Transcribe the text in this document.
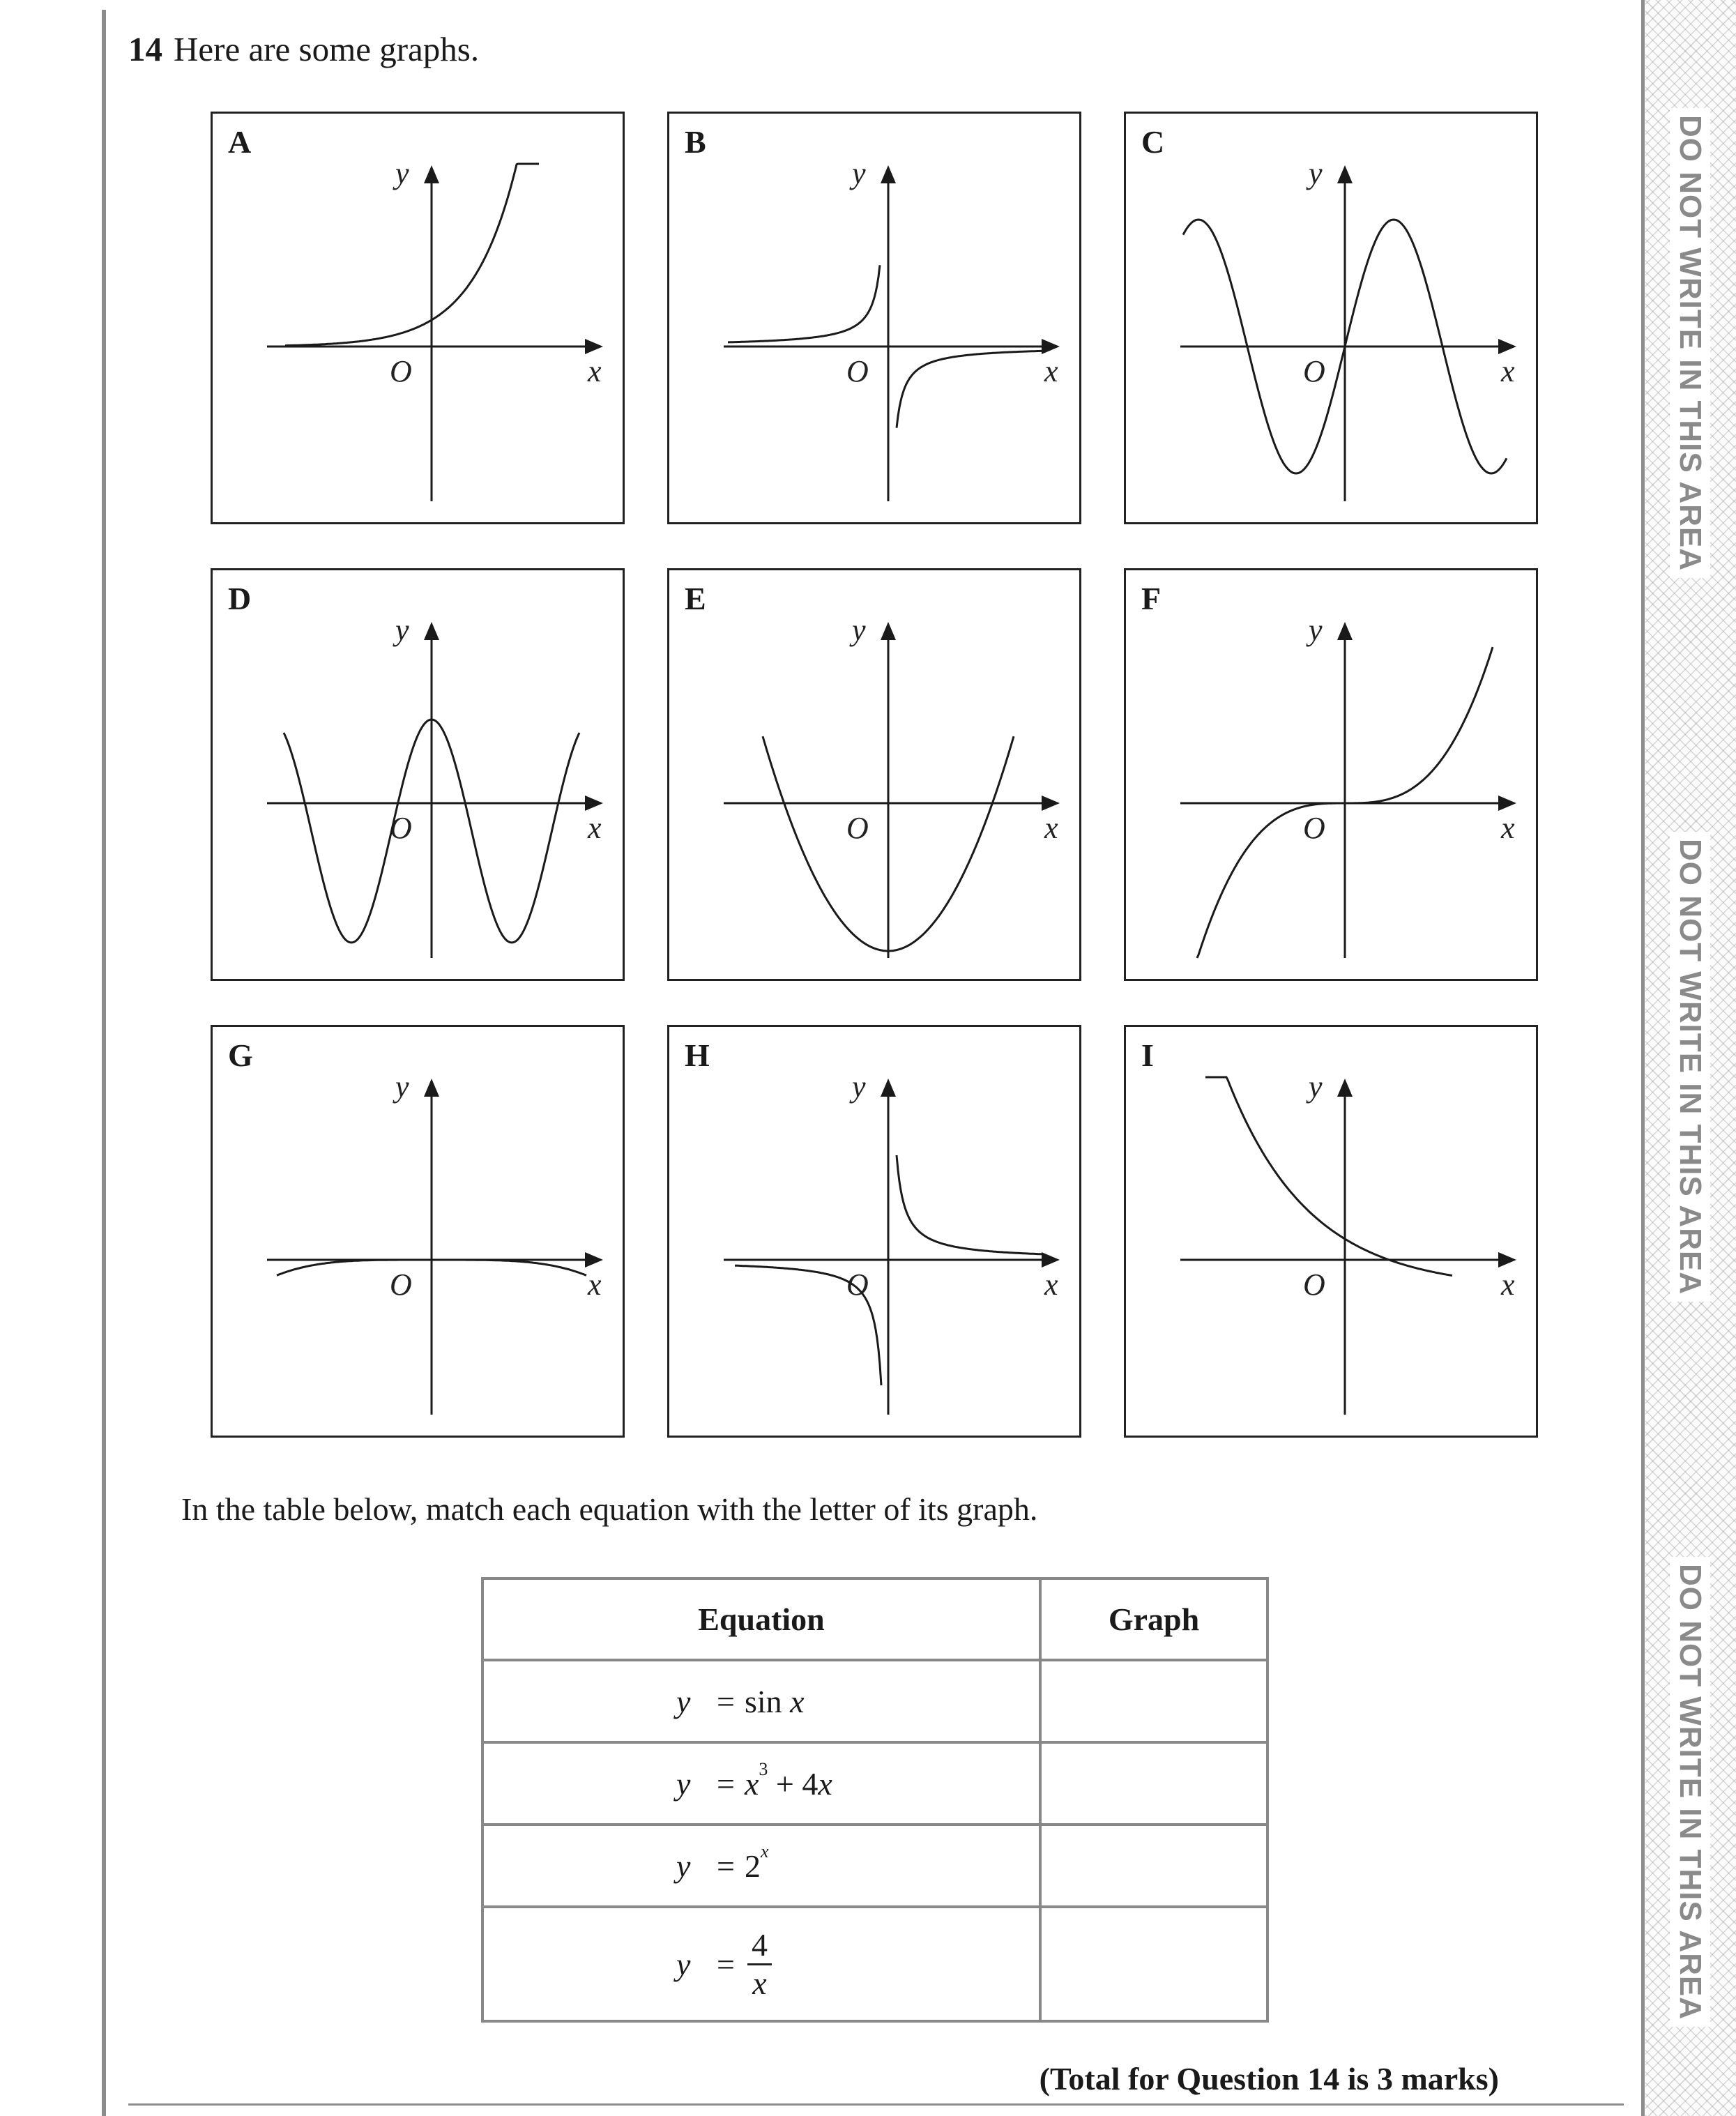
14 Here are some graphs.
A
y
x
O
B
y
x
O
C
y
x
O
D
y
x
O
E
y
x
O
F
y
x
O
G
y
x
O
H
y
x
O
I
y
x
O
In the table below, match each equation with the letter of its graph.
Equation	Graph

y = sin x	

y = x 3 + 4x	

y = 2 x	

$y = \frac{4}{x}$

(Total for Question 14 is 3 marks)
DO NOT WRITE IN THIS AREA
DO NOT WRITE IN THIS AREA
DO NOT WRITE IN THIS AREA
